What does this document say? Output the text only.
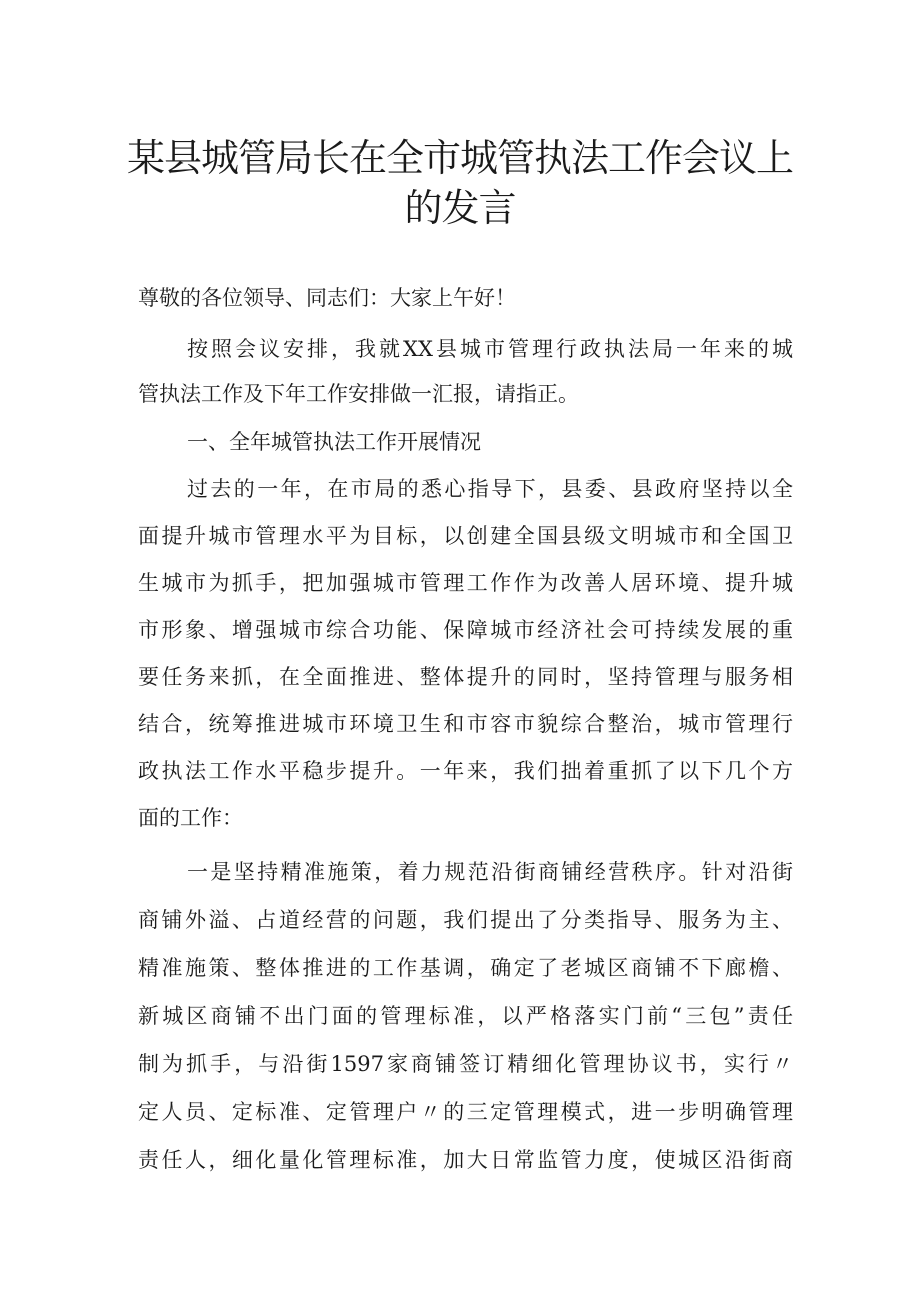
某县城管局长在全市城管执法工作会议上
的发言
尊敬的各位领导、同志们：大家上午好！
按照会议安排，我就XX县城市管理行政执法局一年来的城
管执法工作及下年工作安排做一汇报，请指正。
一、全年城管执法工作开展情况
过去的一年，在市局的悉心指导下，县委、县政府坚持以全
面提升城市管理水平为目标，以创建全国县级文明城市和全国卫
生城市为抓手，把加强城市管理工作作为改善人居环境、提升城
市形象、增强城市综合功能、保障城市经济社会可持续发展的重
要任务来抓，在全面推进、整体提升的同时，坚持管理与服务相
结合，统筹推进城市环境卫生和市容市貌综合整治，城市管理行
政执法工作水平稳步提升。一年来，我们拙着重抓了以下几个方
面的工作：
一是坚持精准施策，着力规范沿街商铺经营秩序。针对沿街
商铺外溢、占道经营的问题，我们提出了分类指导、服务为主、
精准施策、整体推进的工作基调，确定了老城区商铺不下廊檐、
新城区商铺不出门面的管理标准，以严格落实门前“三包”责任
制为抓手，与沿街1597家商铺签订精细化管理协议书，实行〃
定人员、定标准、定管理户〃的三定管理模式，进一步明确管理
责任人，细化量化管理标准，加大日常监管力度，使城区沿街商
